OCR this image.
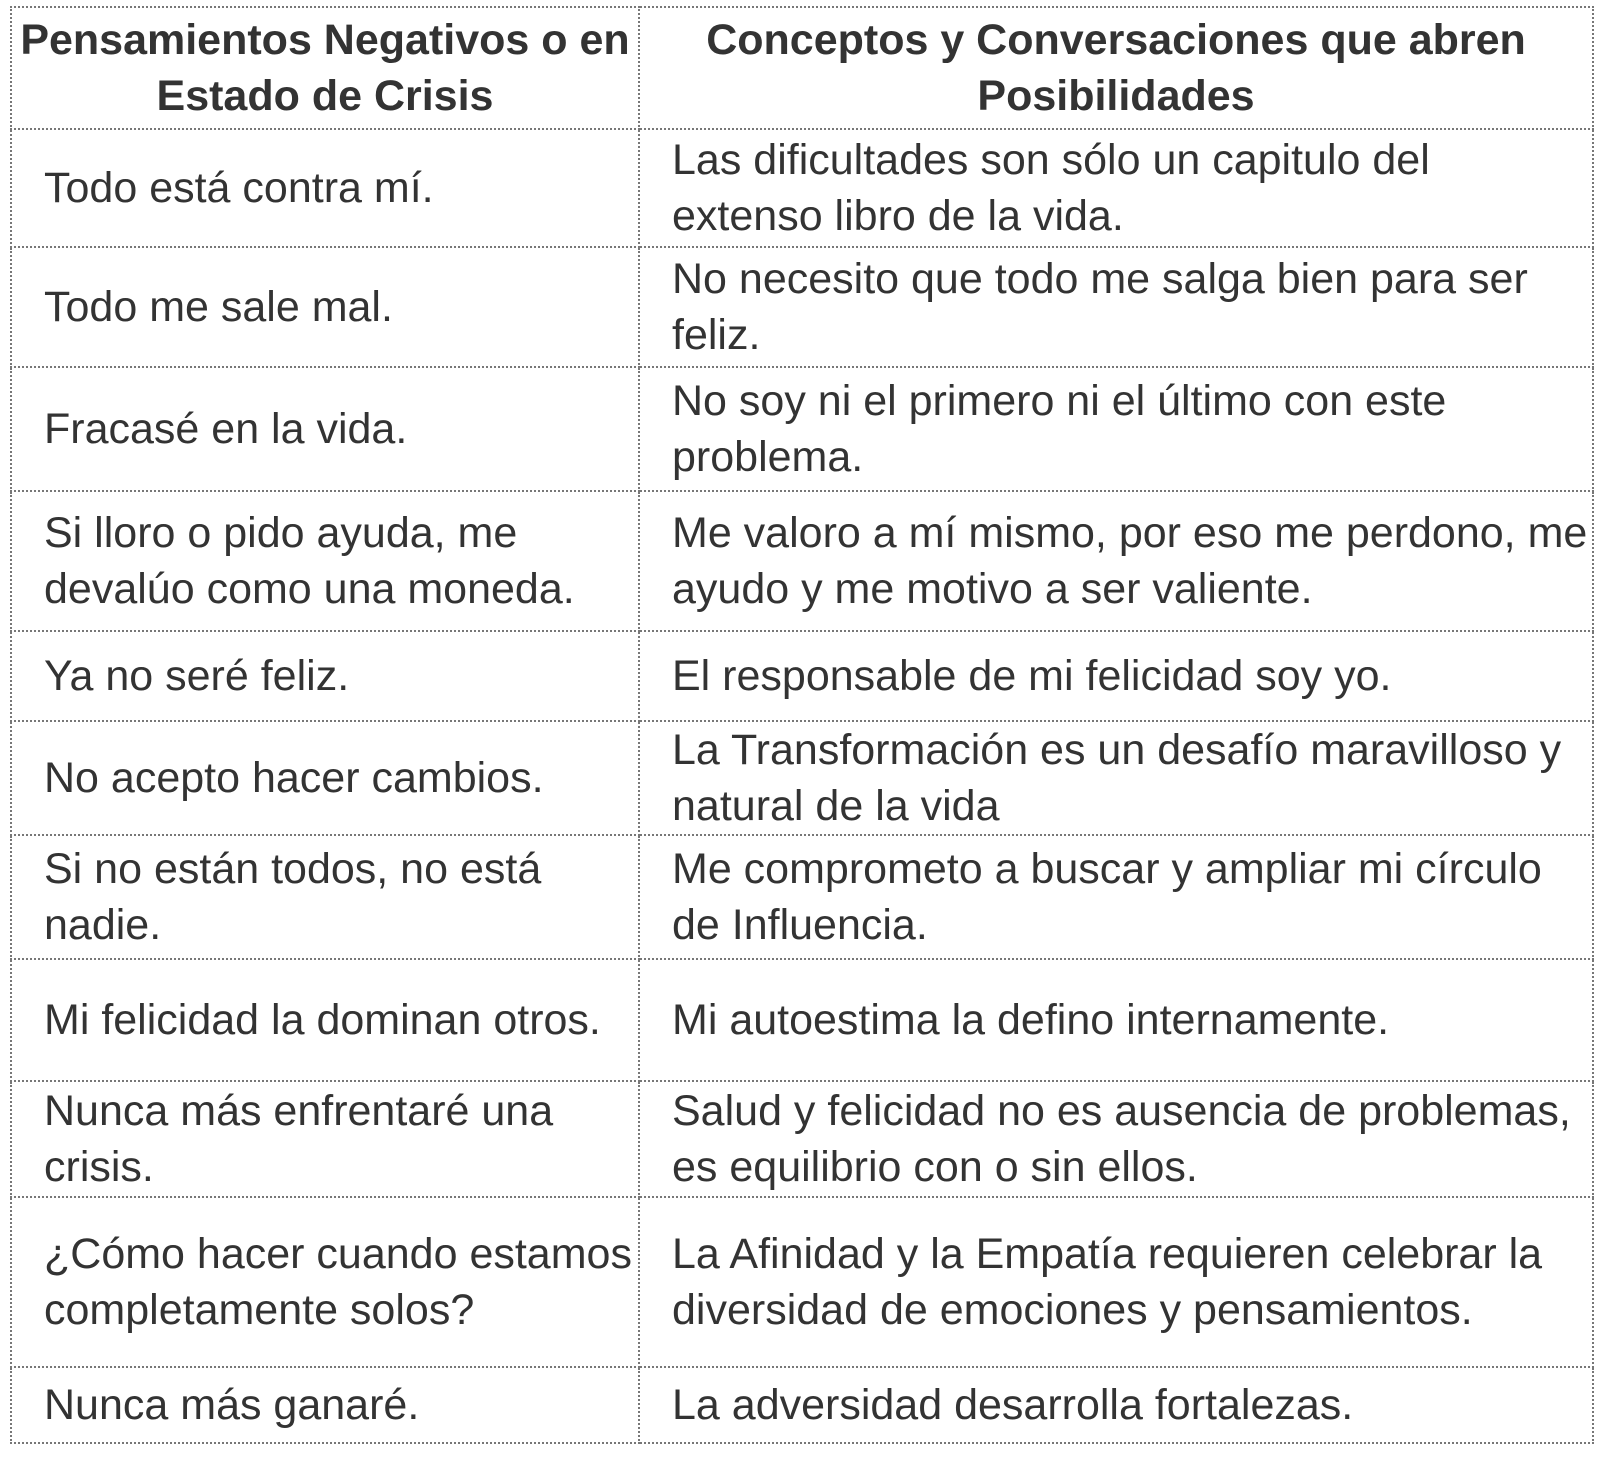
Pensamientos Negativos o en Estado de Crisis	Conceptos y Conversaciones que abren Posibilidades
Todo está contra mí.	Las dificultades son sólo un capitulo del extenso libro de la vida.
Todo me sale mal.	No necesito que todo me salga bien para ser feliz.
Fracasé en la vida.	No soy ni el primero ni el último con este problema.
Si lloro o pido ayuda, me devalúo como una moneda.	Me valoro a mí mismo, por eso me perdono, me ayudo y me motivo a ser valiente.
Ya no seré feliz.	El responsable de mi felicidad soy yo.
No acepto hacer cambios.	La Transformación es un desafío maravilloso y natural de la vida
Si no están todos, no está nadie.	Me comprometo a buscar y ampliar mi círculo de Influencia.
Mi felicidad la dominan otros.	Mi autoestima la defino internamente.
Nunca más enfrentaré una crisis.	Salud y felicidad no es ausencia de problemas, es equilibrio con o sin ellos.
¿Cómo hacer cuando estamos completamente solos?	La Afinidad y la Empatía requieren celebrar la diversidad de emociones y pensamientos.
Nunca más ganaré.	La adversidad desarrolla fortalezas.
